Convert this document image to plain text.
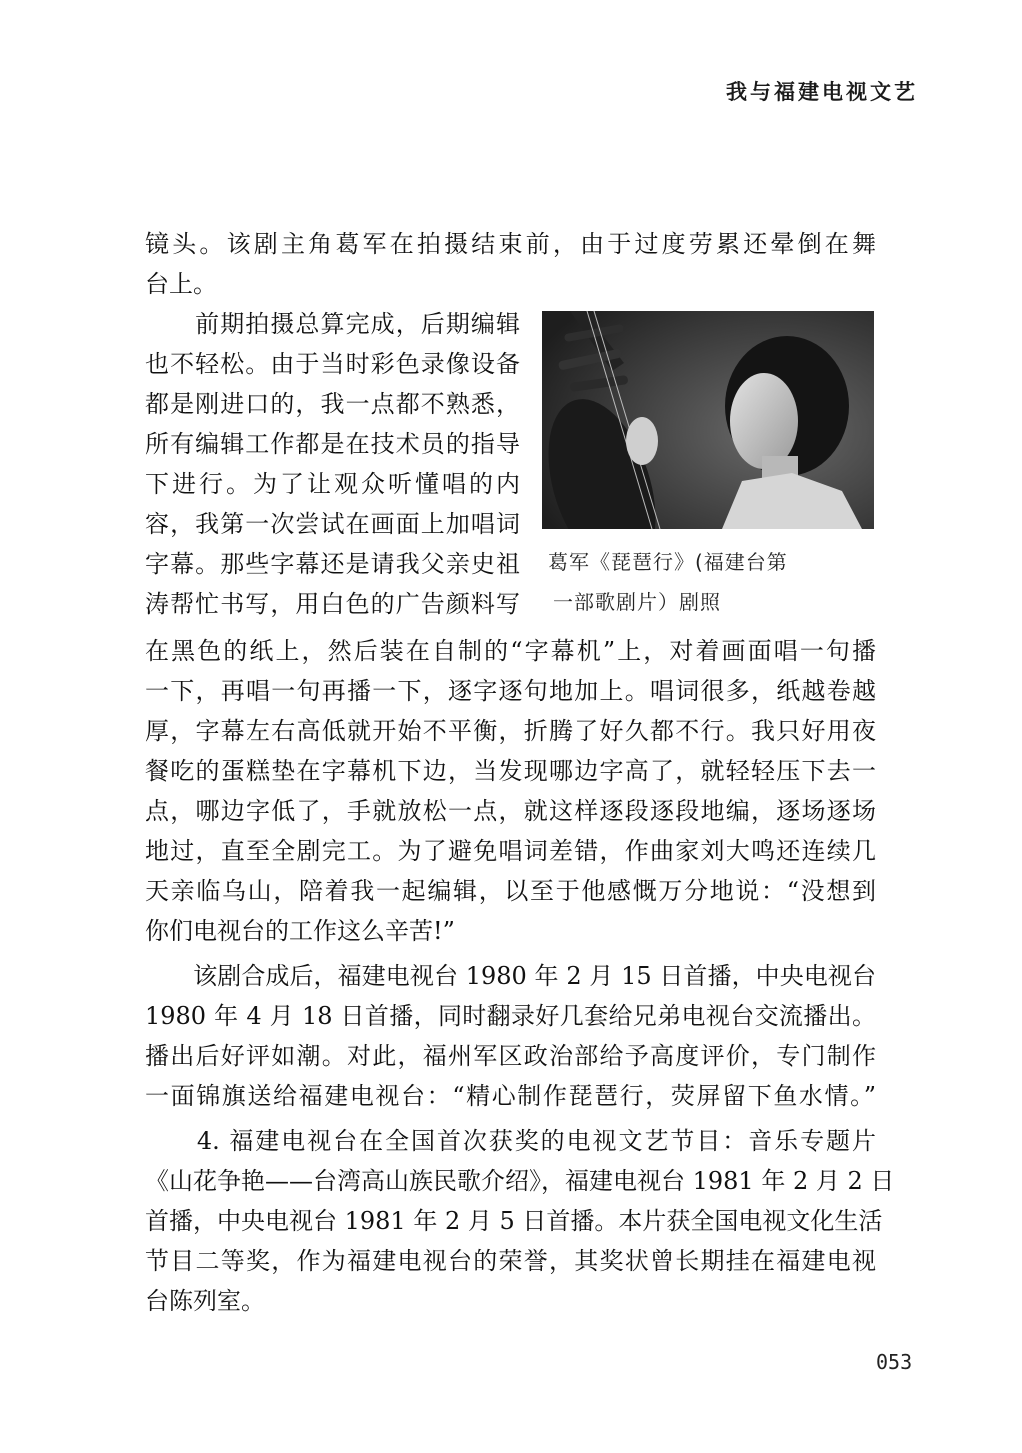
我与福建电视文艺
镜头。该剧主角葛军在拍摄结束前，由于过度劳累还晕倒在舞
台上。
　　前期拍摄总算完成，后期编辑
也不轻松。由于当时彩色录像设备
都是刚进口的，我一点都不熟悉，
所有编辑工作都是在技术员的指导
下进行。为了让观众听懂唱的内
容，我第一次尝试在画面上加唱词
字幕。那些字幕还是请我父亲史祖
涛帮忙书写，用白色的广告颜料写
在黑色的纸上，然后装在自制的“字幕机”上，对着画面唱一句播
一下，再唱一句再播一下，逐字逐句地加上。唱词很多，纸越卷越
厚，字幕左右高低就开始不平衡，折腾了好久都不行。我只好用夜
餐吃的蛋糕垫在字幕机下边，当发现哪边字高了，就轻轻压下去一
点，哪边字低了，手就放松一点，就这样逐段逐段地编，逐场逐场
地过，直至全剧完工。为了避免唱词差错，作曲家刘大鸣还连续几
天亲临乌山，陪着我一起编辑，以至于他感慨万分地说：“没想到
你们电视台的工作这么辛苦!”
　　该剧合成后，福建电视台 1980 年 2 月 15 日首播，中央电视台
1980 年 4 月 18 日首播，同时翻录好几套给兄弟电视台交流播出。
播出后好评如潮。对此，福州军区政治部给予高度评价，专门制作
一面锦旗送给福建电视台：“精心制作琵琶行，荧屏留下鱼水情。”
　　4. 福建电视台在全国首次获奖的电视文艺节目：音乐专题片
《山花争艳——台湾高山族民歌介绍》，福建电视台 1981 年 2 月 2 日
首播，中央电视台 1981 年 2 月 5 日首播。本片获全国电视文化生活
节目二等奖，作为福建电视台的荣誉，其奖状曾长期挂在福建电视
台陈列室。
葛军《琵琶行》(福建台第
一部歌剧片）剧照
053
